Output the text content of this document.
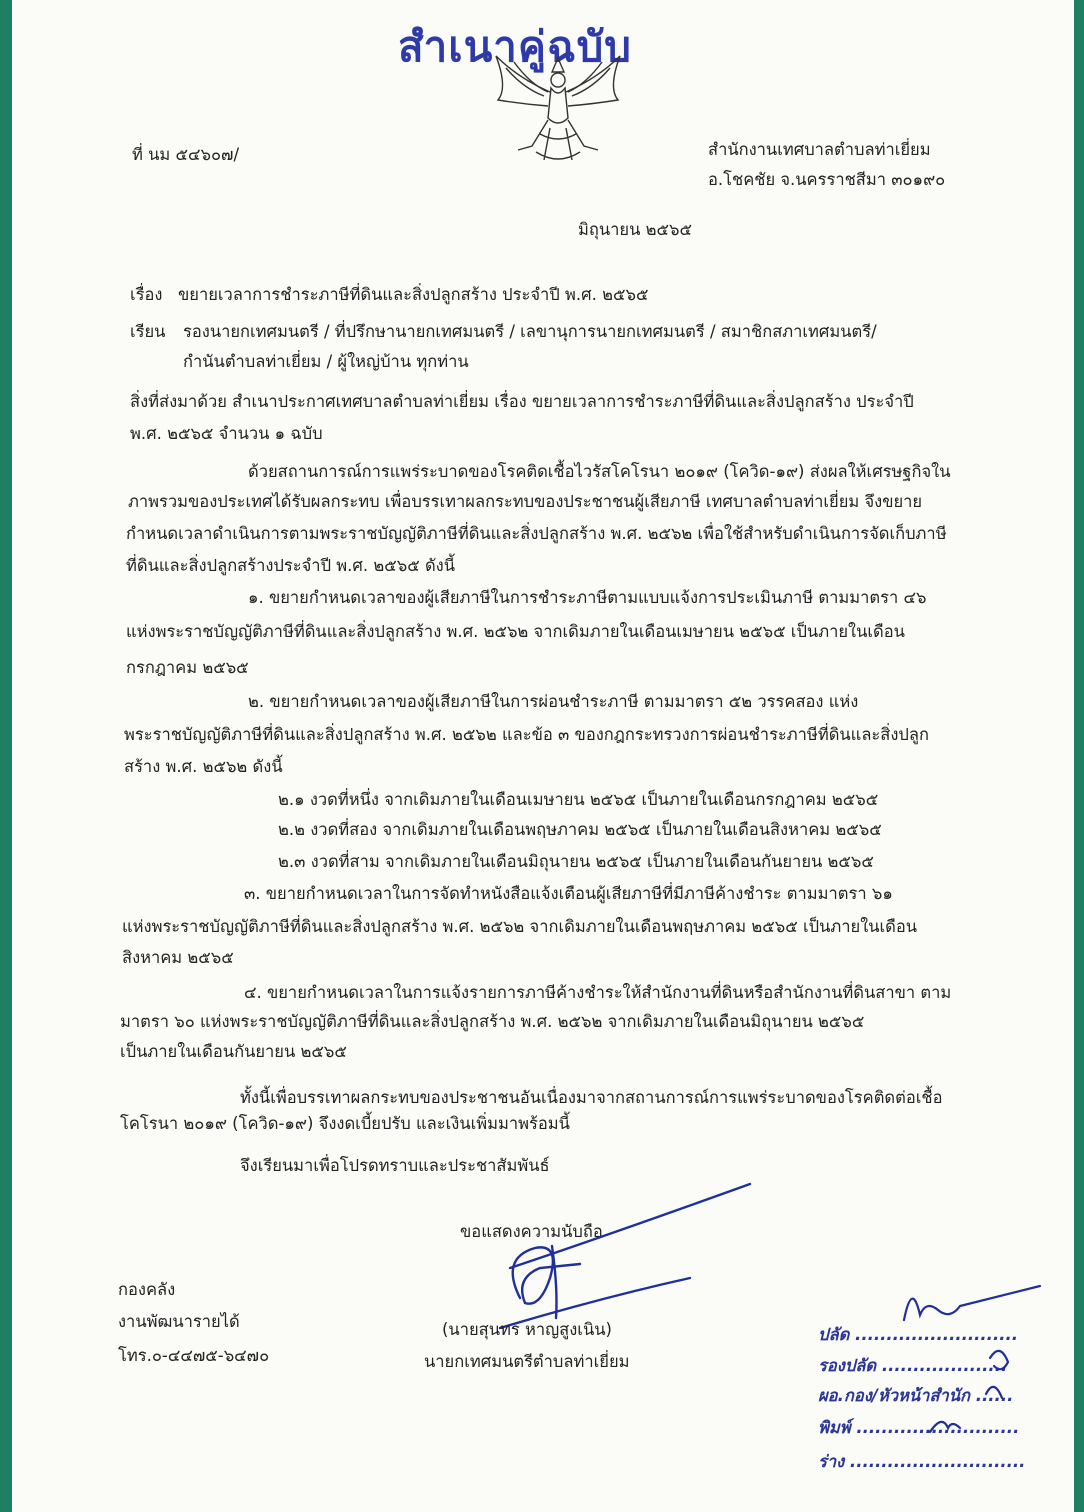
สำเนาคู่ฉบับ
ที่ นม ๕๔๖๐๗/	สำนักงานเทศบาลตำบลท่าเยี่ยม
อ.โชคชัย จ.นครราชสีมา ๓๐๑๙๐
มิถุนายน ๒๕๖๕
เรื่อง ขยายเวลาการชำระภาษีที่ดินและสิ่งปลูกสร้าง ประจำปี พ.ศ. ๒๕๖๕
เรียน รองนายกเทศมนตรี / ที่ปรึกษานายกเทศมนตรี / เลขานุการนายกเทศมนตรี / สมาชิกสภาเทศมนตรี/
กำนันตำบลท่าเยี่ยม / ผู้ใหญ่บ้าน ทุกท่าน
สิ่งที่ส่งมาด้วย สำเนาประกาศเทศบาลตำบลท่าเยี่ยม เรื่อง ขยายเวลาการชำระภาษีที่ดินและสิ่งปลูกสร้าง ประจำปี
พ.ศ. ๒๕๖๕ จำนวน ๑ ฉบับ
ด้วยสถานการณ์การแพร่ระบาดของโรคติดเชื้อไวรัสโคโรนา ๒๐๑๙ (โควิด-๑๙) ส่งผลให้เศรษฐกิจใน
ภาพรวมของประเทศได้รับผลกระทบ เพื่อบรรเทาผลกระทบของประชาชนผู้เสียภาษี เทศบาลตำบลท่าเยี่ยม จึงขยาย
กำหนดเวลาดำเนินการตามพระราชบัญญัติภาษีที่ดินและสิ่งปลูกสร้าง พ.ศ. ๒๕๖๒ เพื่อใช้สำหรับดำเนินการจัดเก็บภาษี
ที่ดินและสิ่งปลูกสร้างประจำปี พ.ศ. ๒๕๖๕ ดังนี้
๑. ขยายกำหนดเวลาของผู้เสียภาษีในการชำระภาษีตามแบบแจ้งการประเมินภาษี ตามมาตรา ๔๖
แห่งพระราชบัญญัติภาษีที่ดินและสิ่งปลูกสร้าง พ.ศ. ๒๕๖๒ จากเดิมภายในเดือนเมษายน ๒๕๖๕ เป็นภายในเดือน
กรกฎาคม ๒๕๖๕
๒. ขยายกำหนดเวลาของผู้เสียภาษีในการผ่อนชำระภาษี ตามมาตรา ๕๒ วรรคสอง แห่ง
พระราชบัญญัติภาษีที่ดินและสิ่งปลูกสร้าง พ.ศ. ๒๕๖๒ และข้อ ๓ ของกฎกระทรวงการผ่อนชำระภาษีที่ดินและสิ่งปลูก
สร้าง พ.ศ. ๒๕๖๒ ดังนี้
๒.๑ งวดที่หนึ่ง จากเดิมภายในเดือนเมษายน ๒๕๖๕ เป็นภายในเดือนกรกฎาคม ๒๕๖๕
๒.๒ งวดที่สอง จากเดิมภายในเดือนพฤษภาคม ๒๕๖๕ เป็นภายในเดือนสิงหาคม ๒๕๖๕
๒.๓ งวดที่สาม จากเดิมภายในเดือนมิถุนายน ๒๕๖๕ เป็นภายในเดือนกันยายน ๒๕๖๕
๓. ขยายกำหนดเวลาในการจัดทำหนังสือแจ้งเตือนผู้เสียภาษีที่มีภาษีค้างชำระ ตามมาตรา ๖๑
แห่งพระราชบัญญัติภาษีที่ดินและสิ่งปลูกสร้าง พ.ศ. ๒๕๖๒ จากเดิมภายในเดือนพฤษภาคม ๒๕๖๕ เป็นภายในเดือน
สิงหาคม ๒๕๖๕
๔. ขยายกำหนดเวลาในการแจ้งรายการภาษีค้างชำระให้สำนักงานที่ดินหรือสำนักงานที่ดินสาขา ตาม
มาตรา ๖๐ แห่งพระราชบัญญัติภาษีที่ดินและสิ่งปลูกสร้าง พ.ศ. ๒๕๖๒ จากเดิมภายในเดือนมิถุนายน ๒๕๖๕
เป็นภายในเดือนกันยายน ๒๕๖๕
ทั้งนี้เพื่อบรรเทาผลกระทบของประชาชนอันเนื่องมาจากสถานการณ์การแพร่ระบาดของโรคติดต่อเชื้อ
โคโรนา ๒๐๑๙ (โควิด-๑๙) จึงงดเบี้ยปรับ และเงินเพิ่มมาพร้อมนี้
จึงเรียนมาเพื่อโปรดทราบและประชาสัมพันธ์
ขอแสดงความนับถือ
(นายสุนทร หาญสูงเนิน)
นายกเทศมนตรีตำบลท่าเยี่ยม
กองคลัง
งานพัฒนารายได้
โทร.๐-๔๔๗๕-๖๔๗๐
ปลัด ..........................
รองปลัด ....................
ผอ.กอง/หัวหน้าสำนัก ......
พิมพ์ ..........................
ร่าง ............................
